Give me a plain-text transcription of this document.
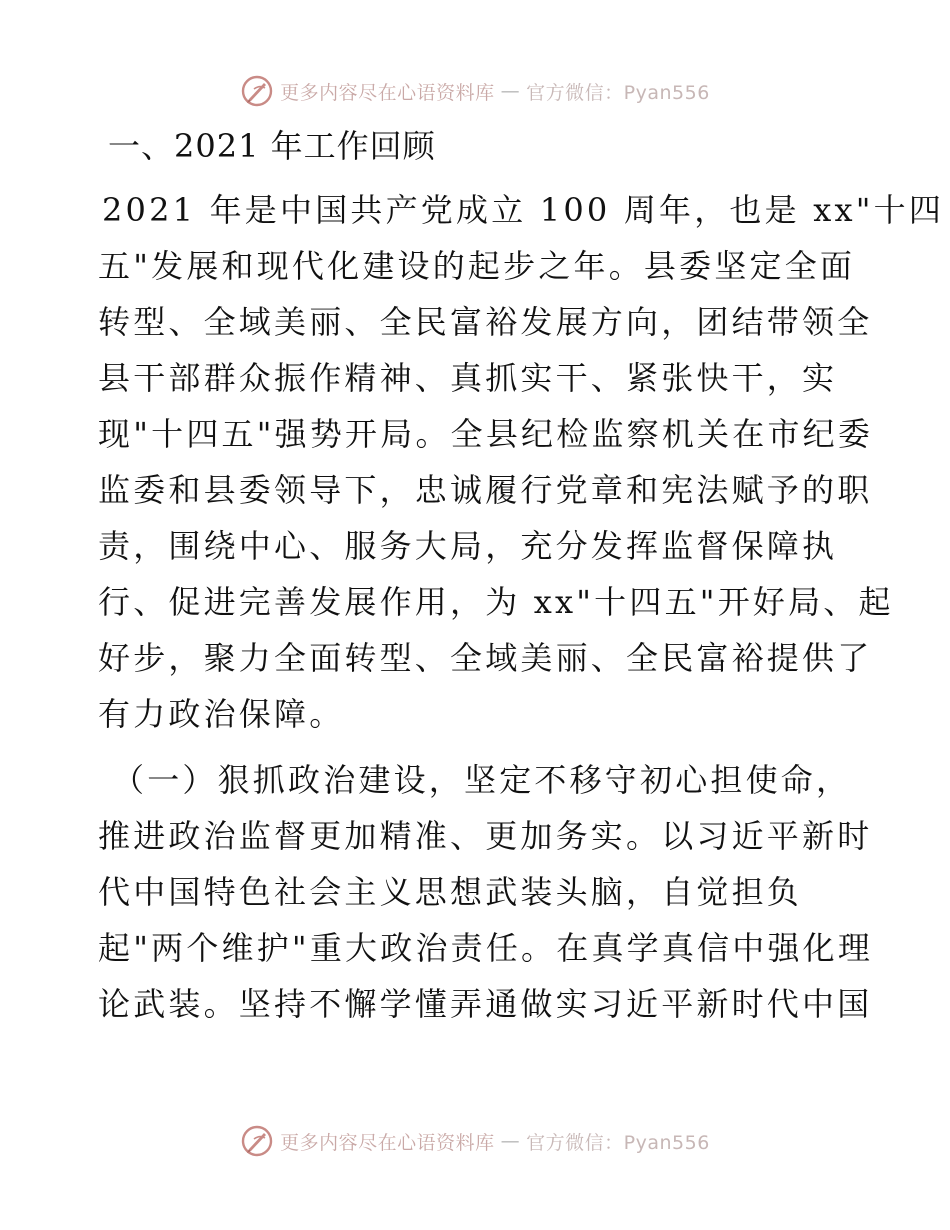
更多内容尽在心语资料库 — 官方微信：Pyan556
一、2021 年工作回顾
2021 年是中国共产党成立 100 周年，也是 xx"十四
五"发展和现代化建设的起步之年。县委坚定全面
转型、全域美丽、全民富裕发展方向，团结带领全
县干部群众振作精神、真抓实干、紧张快干，实
现"十四五"强势开局。全县纪检监察机关在市纪委
监委和县委领导下，忠诚履行党章和宪法赋予的职
责，围绕中心、服务大局，充分发挥监督保障执
行、促进完善发展作用，为 xx"十四五"开好局、起
好步，聚力全面转型、全域美丽、全民富裕提供了
有力政治保障。
（一）狠抓政治建设，坚定不移守初心担使命，
推进政治监督更加精准、更加务实。以习近平新时
代中国特色社会主义思想武装头脑，自觉担负
起"两个维护"重大政治责任。在真学真信中强化理
论武装。坚持不懈学懂弄通做实习近平新时代中国
更多内容尽在心语资料库 — 官方微信：Pyan556
